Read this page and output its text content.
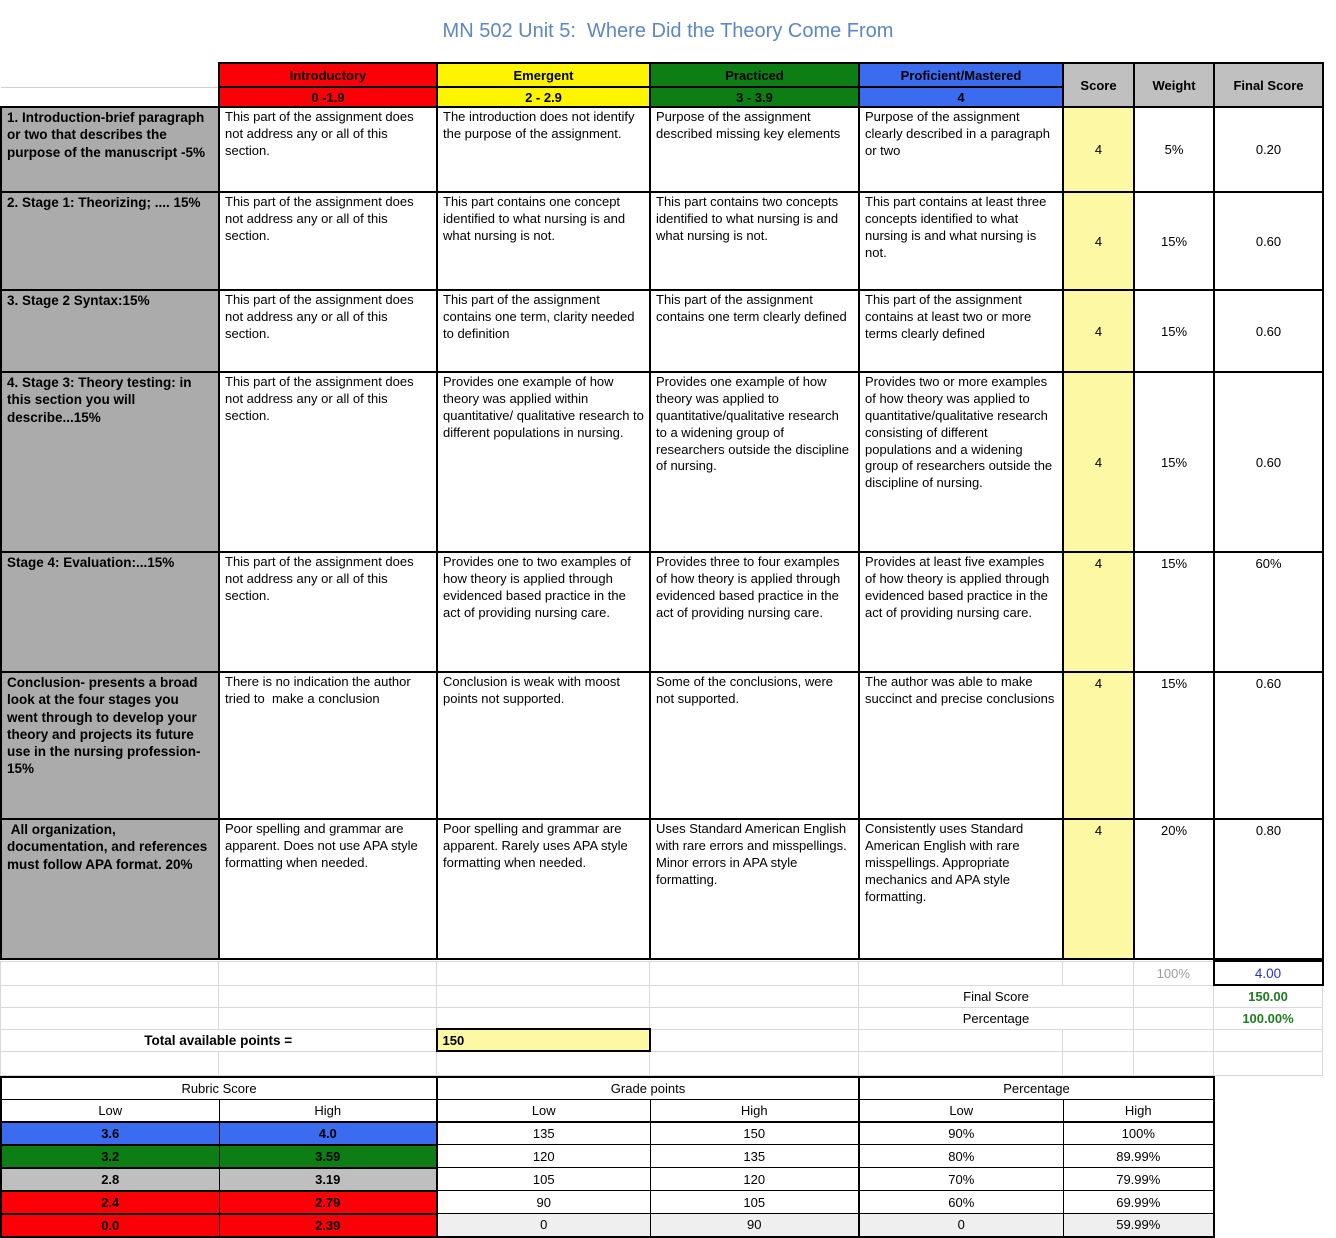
MN 502 Unit 5:  Where Did the Theory Come From
	Introductory	Emergent	Practiced	Proficient/Mastered	Score	Weight	Final Score
	0 -1.9	2 - 2.9	3 - 3.9	4			
1. Introduction-brief paragraph or two that describes the purpose of the manuscript -5%	This part of the assignment does not address any or all of this section.	The introduction does not identify the purpose of the assignment.	Purpose of the assignment described missing key elements	Purpose of the assignment clearly described in a paragraph or two	4	5%	0.20
2. Stage 1: Theorizing; .... 15%	This part of the assignment does not address any or all of this section.	This part contains one concept  identified to what nursing is and what nursing is not.	This part contains two concepts  identified to what nursing is and what nursing is not.	This part contains at least three concepts identified to what nursing is and what nursing is not.	4	15%	0.60
3. Stage 2 Syntax:15%	This part of the assignment does not address any or all of this section.	This part of the assignment contains one term, clarity needed to definition	This part of the assignment contains one term clearly defined	This part of the assignment contains at least two or more terms clearly defined	4	15%	0.60
4. Stage 3: Theory testing: in this section you will describe...15%	This part of the assignment does not address any or all of this section.	Provides one example of how theory was applied within quantitative/ qualitative research to different populations in nursing.	Provides one example of how theory was applied to quantitative/qualitative research to a widening group of researchers outside the discipline of nursing.	Provides two or more examples of how theory was applied to quantitative/qualitative research consisting of different populations and a widening group of researchers outside the discipline of nursing.	4	15%	0.60
Stage 4: Evaluation:...15%	This part of the assignment does not address any or all of this section.	Provides one to two examples of how theory is applied through evidenced based practice in the act of providing nursing care.	Provides three to four examples of how theory is applied through evidenced based practice in the act of providing nursing care.	Provides at least five examples of how theory is applied through evidenced based practice in the act of providing nursing care.	4	15%	60%
Conclusion- presents a broad look at the four stages you went through to develop your theory and projects its future use in the nursing profession-15%	There is no indication the author tried to  make a conclusion	Conclusion is weak with moost points not supported.	Some of the conclusions, were not supported.	The author was able to make succinct and precise conclusions	4	15%	0.60
All organization, documentation, and references must follow APA format. 20%	Poor spelling and grammar are apparent. Does not use APA style formatting when needed.	Poor spelling and grammar are apparent. Rarely uses APA style formatting when needed.	Uses Standard American English with rare errors and misspellings. Minor errors in APA style formatting.	Consistently uses Standard American English with rare misspellings. Appropriate mechanics and APA style formatting.	4	20%	0.80
						100%	4.00
				Final Score			150.00
				Percentage			100.00%
Total available points =		150					

Rubric Score		Grade points		Percentage	
Low	High	Low	High	Low	High
3.6	4.0	135	150	90%	100%
3.2	3.59	120	135	80%	89.99%
2.8	3.19	105	120	70%	79.99%
2.4	2.79	90	105	60%	69.99%
0.0	2.39	0	90	0	59.99%
